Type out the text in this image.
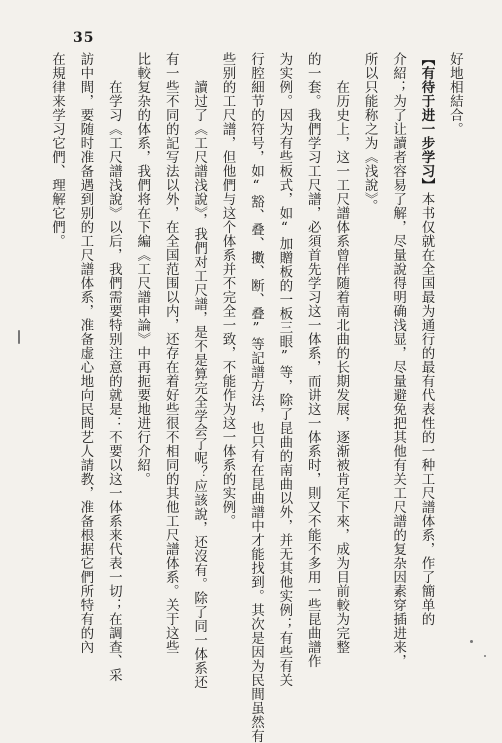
35
好地相結合。
【有待于进一步学习】本书仅就在全国最为通行的最有代表性的一种工尺譜体系，作了簡单的
介紹；为了让讀者容易了解，尽量說得明确浅显，尽量避免把其他有关工尺譜的复杂因素穿插进来，
所以只能称之为《浅說》。
　　在历史上，这一工尺譜体系曾伴随着南北曲的长期发展，逐渐被肯定下來，成为目前較为完整
的一套。我們学习工尺譜，必須首先学习这一体系，而讲这一体系时，則又不能不多用一些昆曲譜作
为实例。因为有些板式，如“加贈板的一板三眼”等，除了昆曲的南曲以外，并无其他实例；有些有关
行腔細节的符号，如“豁、叠、擻、断、叠”等記譜方法，也只有在昆曲譜中才能找到。其次是因为民間虽然有
些别的工尺譜，但他們与这个体系并不完全一致，不能作为这一体系的实例。
　　讀过了《工尺譜浅說》，我們对工尺譜，是不是算完全学会了呢？应該說，还沒有。除了同一体系还
有一些不同的記写法以外，在全国范围以内，还存在着好些很不相同的其他工尺譜体系。关于这些
比較复杂的体系，我們将在下編《工尺譜申論》中再扼要地进行介紹。
　　在学习《工尺譜浅說》以后，我們需要特别注意的就是：不要以这一体系来代表一切；在調查、采
訪中間，要随时准备遇到别的工尺譜体系，准备虚心地向民間艺人請教，准备根据它們所特有的內
在規律来学习它們、理解它們。
